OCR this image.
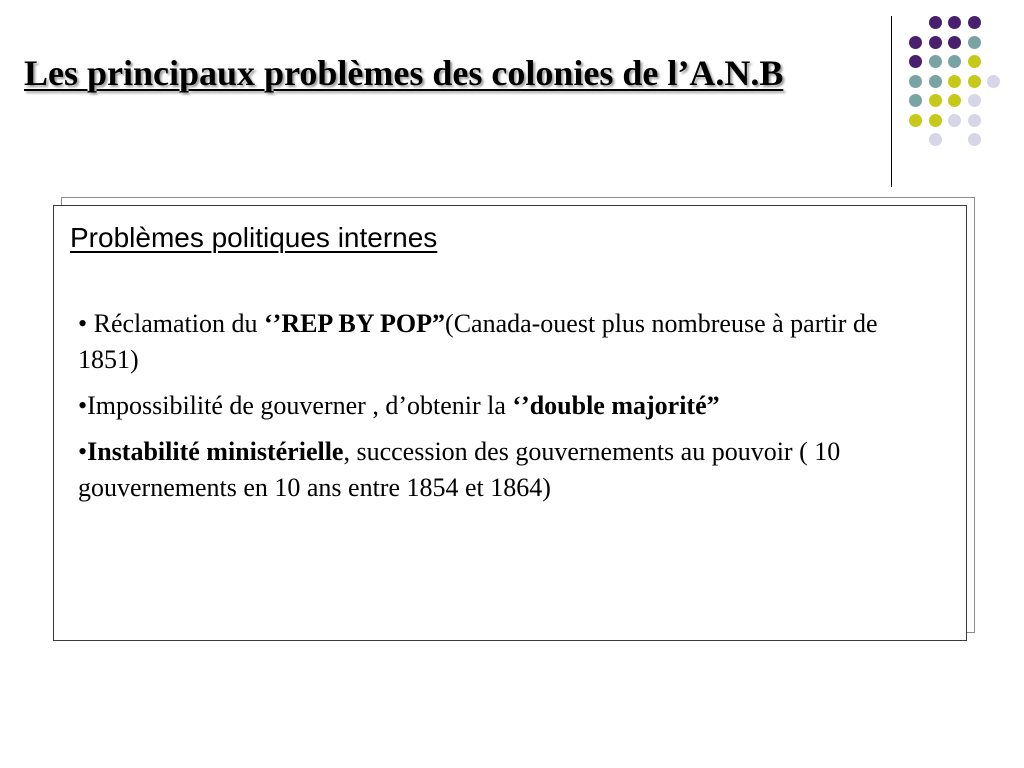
Les principaux problèmes des colonies de l’A.N.B
Problèmes politiques internes
• Réclamation du ‘’REP BY POP”(Canada-ouest plus nombreuse à partir de 1851)
•Impossibilité de gouverner , d’obtenir la ‘’double majorité”
•Instabilité ministérielle, succession des gouvernements au pouvoir ( 10 gouvernements en 10 ans entre 1854 et 1864)
